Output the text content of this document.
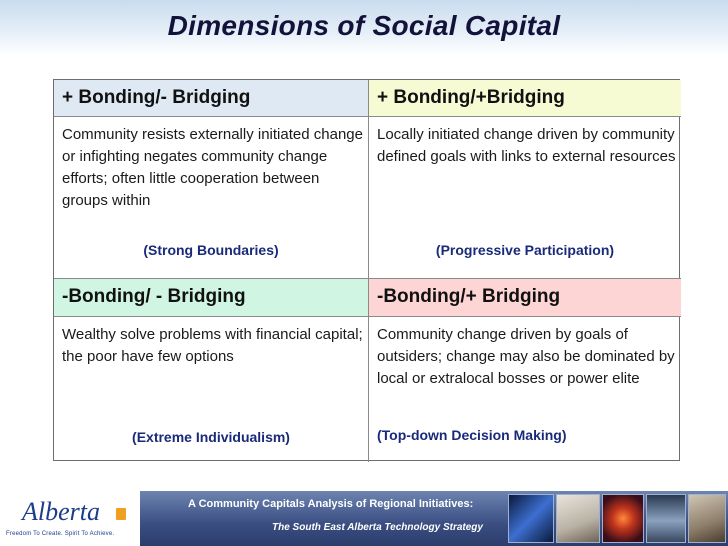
Dimensions of Social Capital
+ Bonding/- Bridging	+ Bonding/+Bridging
Community resists externally initiated change or infighting negates community change efforts; often little cooperation between groups within
(Strong Boundaries)
Locally initiated change driven by community defined goals with links to external resources
(Progressive Participation)
-Bonding/ - Bridging	-Bonding/+ Bridging
Wealthy solve problems with financial capital; the poor have few options
(Extreme Individualism)
Community change driven by goals of outsiders; change may also be dominated by local or extralocal bosses or power elite
(Top-down Decision Making)
Alberta
Freedom To Create. Spirit To Achieve.
A Community Capitals Analysis of Regional Initiatives:
The South East Alberta Technology Strategy
